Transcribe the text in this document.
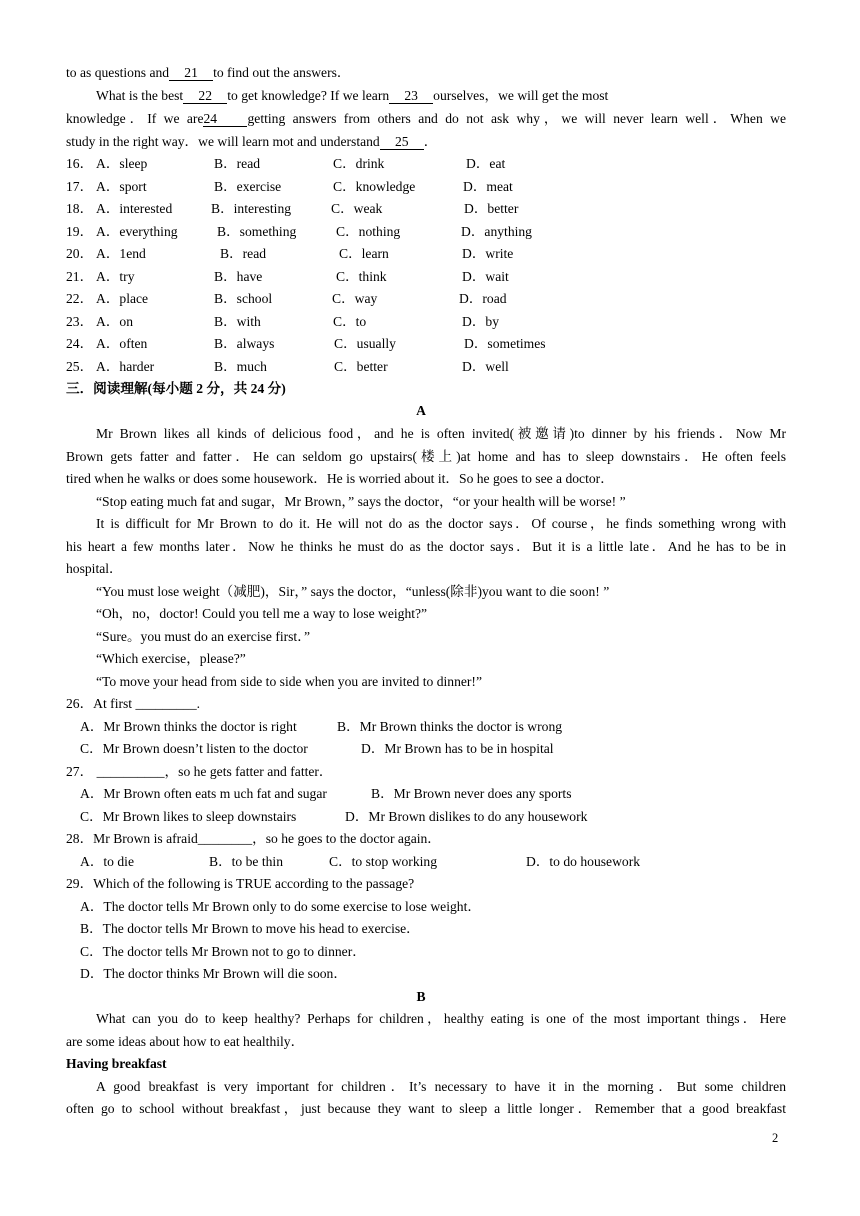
to as questions and 21 to find out the answers．
What is the best 22 to get knowledge? If we learn 23 ourselves，we will get the most
knowledge．If we are24 getting answers from others and do not ask why，we will never learn well．When we
study in the right way．we will learn mot and understand 25 ．
16． A．sleep	B．read	C．drink	D．eat
17． A．sport	B．exercise	C．knowledge	D．meat
18． A．interested	B．interesting	C．weak	D．better
19． A．everything	B．something	C．nothing	D．anything
20． A．1end	B．read	C．learn	D．write
21． A．try	B．have	C．think	D．wait
22． A．place	B．school	C．way	D．road
23． A．on	B．with	C．to	D．by
24． A．often	B．always	C．usually	D．sometimes
25． A．harder	B．much	C．better	D．well
三．阅读理解(每小题 2 分，共 24 分)
A
Mr Brown likes all kinds of delicious food，and he is often invited(被邀请)to dinner by his friends．Now Mr
Brown gets fatter and fatter．He can seldom go upstairs(楼上)at home and has to sleep downstairs．He often feels
tired when he walks or does some housework．He is worried about it．So he goes to see a doctor．
“Stop eating much fat and sugar，Mr Brown，” says the doctor，“or your health will be worse! ”
It is difficult for Mr Brown to do it. He will not do as the doctor says．Of course，he finds something wrong with
his heart a few months later．Now he thinks he must do as the doctor says．But it is a little late．And he has to be in
hospital．
“You must lose weight（减肥)，Sir，” says the doctor，“unless(除非)you want to die soon! ”
“Oh，no，doctor! Could you tell me a way to lose weight?”
“Sure。you must do an exercise first．”
“Which exercise，please?”
“To move your head from side to side when you are invited to dinner!”
26．At first _________.
A．Mr Brown thinks the doctor is right	B．Mr Brown thinks the doctor is wrong
C．Mr Brown doesn’t listen to the doctor	D．Mr Brown has to be in hospital
27． __________，so he gets fatter and fatter．
A．Mr Brown often eats m uch fat and sugar	B．Mr Brown never does any sports
C．Mr Brown likes to sleep downstairs	D．Mr Brown dislikes to do any housework
28．Mr Brown is afraid________，so he goes to the doctor again．
A．to die	B．to be thin	C．to stop working	D．to do housework
29．Which of the following is TRUE according to the passage?
A．The doctor tells Mr Brown only to do some exercise to lose weight．
B．The doctor tells Mr Brown to move his head to exercise．
C．The doctor tells Mr Brown not to go to dinner．
D．The doctor thinks Mr Brown will die soon．
B
What can you do to keep healthy? Perhaps for children，healthy eating is one of the most important things．Here
are some ideas about how to eat healthily．
Having breakfast
A good breakfast is very important for children．It’s necessary to have it in the morning．But some children
often go to school without breakfast，just because they want to sleep a little longer．Remember that a good breakfast
2
